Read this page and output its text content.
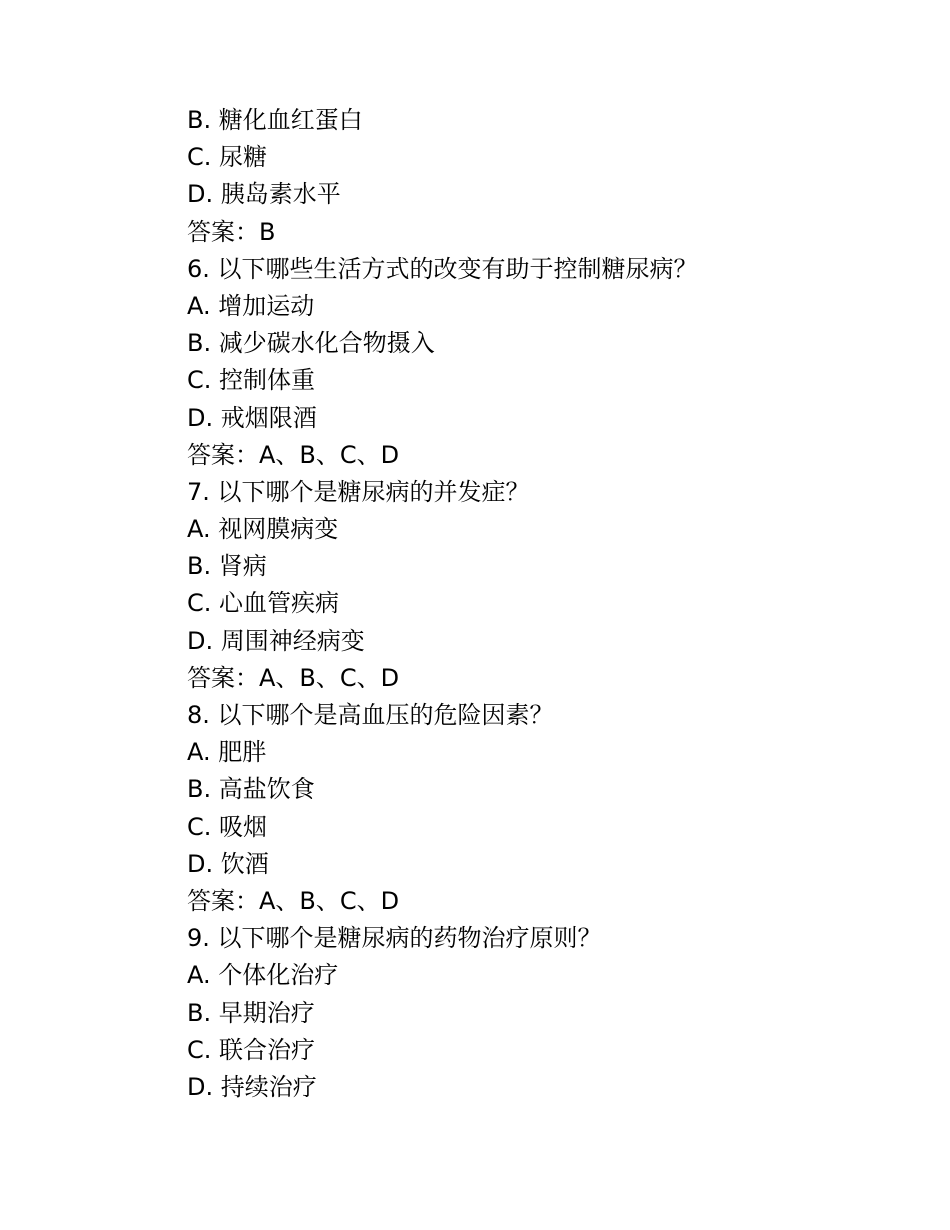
B. 糖化血红蛋白
C. 尿糖
D. 胰岛素水平
答案：B
6. 以下哪些生活方式的改变有助于控制糖尿病？
A. 增加运动
B. 减少碳水化合物摄入
C. 控制体重
D. 戒烟限酒
答案：A、B、C、D
7. 以下哪个是糖尿病的并发症？
A. 视网膜病变
B. 肾病
C. 心血管疾病
D. 周围神经病变
答案：A、B、C、D
8. 以下哪个是高血压的危险因素？
A. 肥胖
B. 高盐饮食
C. 吸烟
D. 饮酒
答案：A、B、C、D
9. 以下哪个是糖尿病的药物治疗原则？
A. 个体化治疗
B. 早期治疗
C. 联合治疗
D. 持续治疗
